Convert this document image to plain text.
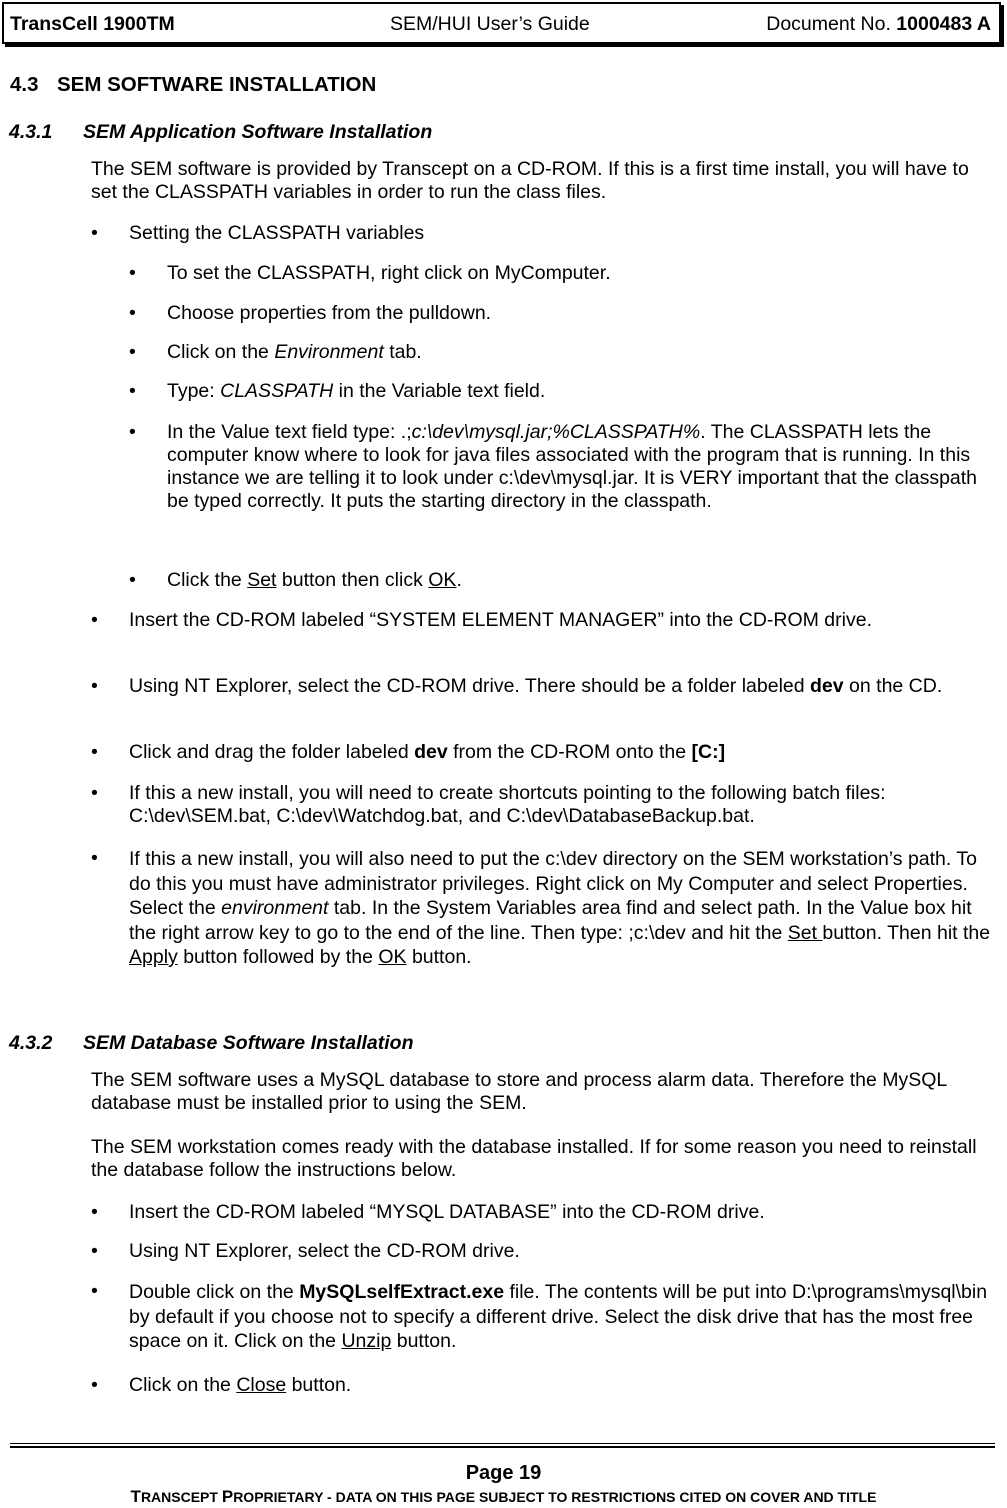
TransCell 1900TM	SEM/HUI User’s Guide	Document No. 1000483 A
4.3 SEM SOFTWARE INSTALLATION
4.3.1 SEM Application Software Installation
The SEM software is provided by Transcept on a CD-ROM. If this is a first time install, you will have to set the CLASSPATH variables in order to run the class files.
• Setting the CLASSPATH variables
• To set the CLASSPATH, right click on MyComputer.
• Choose properties from the pulldown.
• Click on the Environment tab.
• Type: CLASSPATH in the Variable text field.
• In the Value text field type: .;c:\dev\mysql.jar;%CLASSPATH%. The CLASSPATH lets the computer know where to look for java files associated with the program that is running. In this instance we are telling it to look under c:\dev\mysql.jar. It is VERY important that the classpath be typed correctly. It puts the starting directory in the classpath.
• Click the Set button then click OK.
• Insert the CD-ROM labeled “SYSTEM ELEMENT MANAGER” into the CD-ROM drive.
• Using NT Explorer, select the CD-ROM drive. There should be a folder labeled dev on the CD.
• Click and drag the folder labeled dev from the CD-ROM onto the [C:]
• If this a new install, you will need to create shortcuts pointing to the following batch files: C:\dev\SEM.bat, C:\dev\Watchdog.bat, and C:\dev\DatabaseBackup.bat.
• If this a new install, you will also need to put the c:\dev directory on the SEM workstation’s path. To do this you must have administrator privileges. Right click on My Computer and select Properties. Select the environment tab. In the System Variables area find and select path. In the Value box hit the right arrow key to go to the end of the line. Then type: ;c:\dev and hit the Set button. Then hit the Apply button followed by the OK button.
4.3.2 SEM Database Software Installation
The SEM software uses a MySQL database to store and process alarm data. Therefore the MySQL database must be installed prior to using the SEM.
The SEM workstation comes ready with the database installed. If for some reason you need to reinstall the database follow the instructions below.
• Insert the CD-ROM labeled “MYSQL DATABASE” into the CD-ROM drive.
• Using NT Explorer, select the CD-ROM drive.
• Double click on the MySQLselfExtract.exe file. The contents will be put into D:\programs\mysql\bin by default if you choose not to specify a different drive. Select the disk drive that has the most free space on it. Click on the Unzip button.
• Click on the Close button.
Page 19
TRANSCEPT PROPRIETARY - DATA ON THIS PAGE SUBJECT TO RESTRICTIONS CITED ON COVER AND TITLE
